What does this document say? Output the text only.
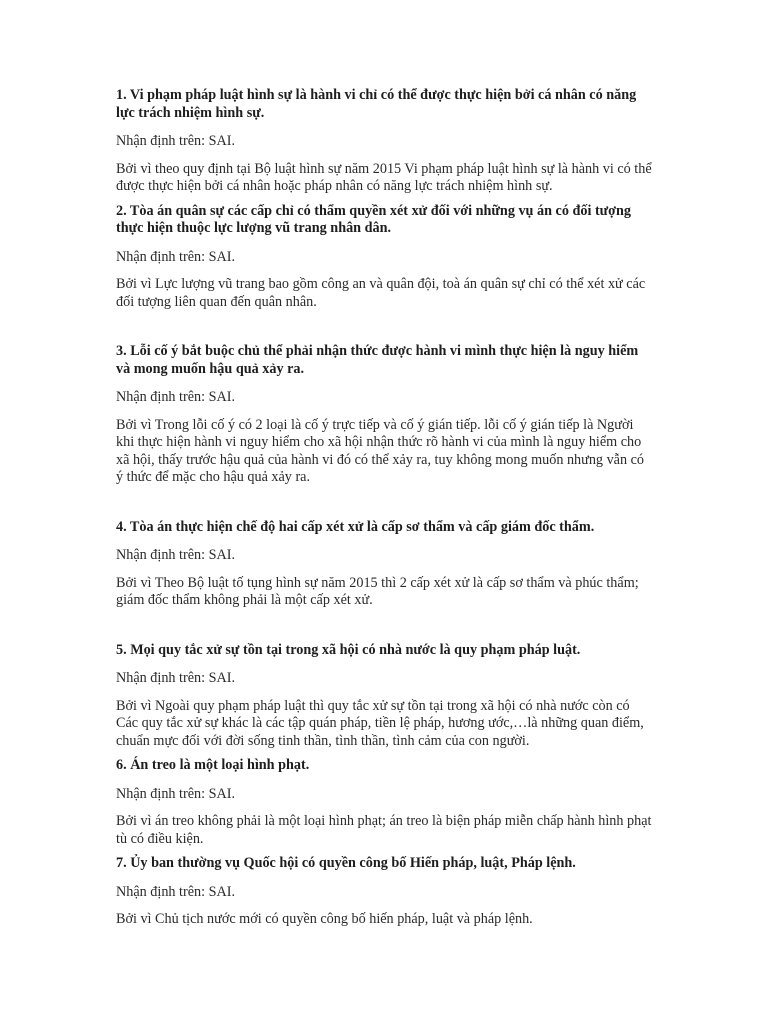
1. Vi phạm pháp luật hình sự là hành vi chỉ có thể được thực hiện bởi cá nhân có năng lực trách nhiệm hình sự.

Nhận định trên: SAI.

Bởi vì theo quy định tại Bộ luật hình sự năm 2015 Vi phạm pháp luật hình sự là hành vi có thể được thực hiện bởi cá nhân hoặc pháp nhân có năng lực trách nhiệm hình sự.

2. Tòa án quân sự các cấp chỉ có thẩm quyền xét xử đối với những vụ án có đối tượng thực hiện thuộc lực lượng vũ trang nhân dân.

Nhận định trên: SAI.

Bởi vì Lực lượng vũ trang bao gồm công an và quân đội, toà án quân sự chỉ có thể xét xử các đối tượng liên quan đến quân nhân.

3. Lỗi cố ý bắt buộc chủ thể phải nhận thức được hành vi mình thực hiện là nguy hiểm và mong muốn hậu quả xảy ra.

Nhận định trên: SAI.

Bởi vì Trong lỗi cố ý có 2 loại là cố ý trực tiếp và cố ý gián tiếp. lỗi cố ý gián tiếp là Người khi thực hiện hành vi nguy hiểm cho xã hội nhận thức rõ hành vi của mình là nguy hiểm cho xã hội, thấy trước hậu quả của hành vi đó có thể xảy ra, tuy không mong muốn nhưng vẫn có ý thức để mặc cho hậu quả xảy ra.

4. Tòa án thực hiện chế độ hai cấp xét xử là cấp sơ thẩm và cấp giám đốc thẩm.

Nhận định trên: SAI.

Bởi vì Theo Bộ luật tố tụng hình sự năm 2015 thì 2 cấp xét xử là cấp sơ thẩm và phúc thẩm; giám đốc thẩm không phải là một cấp xét xử.

5. Mọi quy tắc xử sự tồn tại trong xã hội có nhà nước là quy phạm pháp luật.

Nhận định trên: SAI.

Bởi vì Ngoài quy phạm pháp luật thì quy tắc xử sự tồn tại trong xã hội có nhà nước còn có Các quy tắc xử sự khác là các tập quán pháp, tiền lệ pháp, hương ước,…là những quan điểm, chuẩn mực đối với đời sống tinh thần, tình thần, tình cảm của con người.

6. Án treo là một loại hình phạt.

Nhận định trên: SAI.

Bởi vì án treo không phải là một loại hình phạt; án treo là biện pháp miễn chấp hành hình phạt tù có điều kiện.

7. Ủy ban thường vụ Quốc hội có quyền công bố Hiến pháp, luật, Pháp lệnh.

Nhận định trên: SAI.

Bởi vì Chủ tịch nước mới có quyền công bố hiến pháp, luật và pháp lệnh.
